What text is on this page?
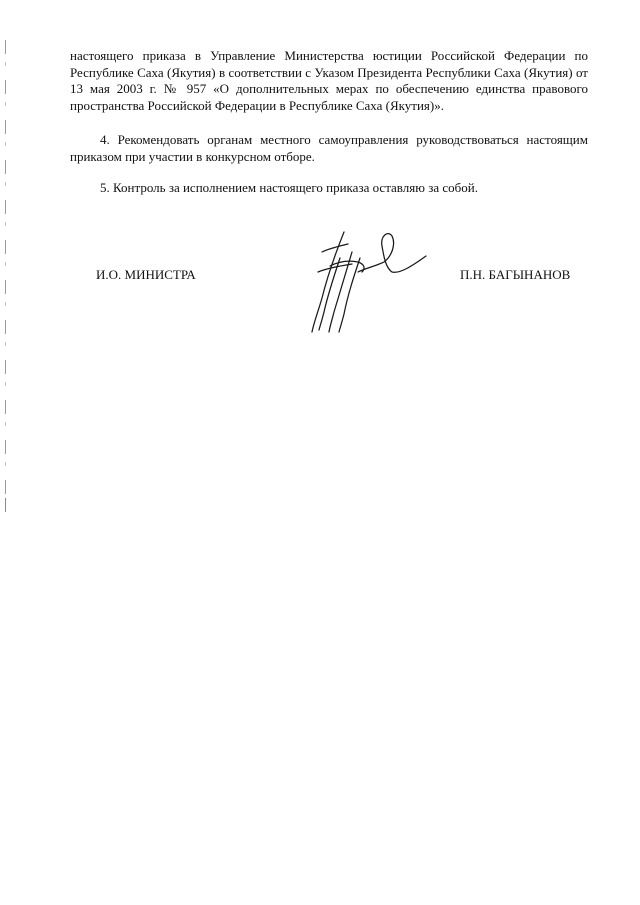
настоящего приказа в Управление Министерства юстиции Российской Федерации по Республике Саха (Якутия) в соответствии с Указом Президента Республики Саха (Якутия) от 13 мая 2003 г. № 957 «О дополнительных мерах по обеспечению единства правового пространства Российской Федерации в Республике Саха (Якутия)».

4. Рекомендовать органам местного самоуправления руководствоваться настоящим приказом при участии в конкурсном отборе.

5. Контроль за исполнением настоящего приказа оставляю за собой.

И.О. МИНИСТРА	П.Н. БАГЫНАНОВ
